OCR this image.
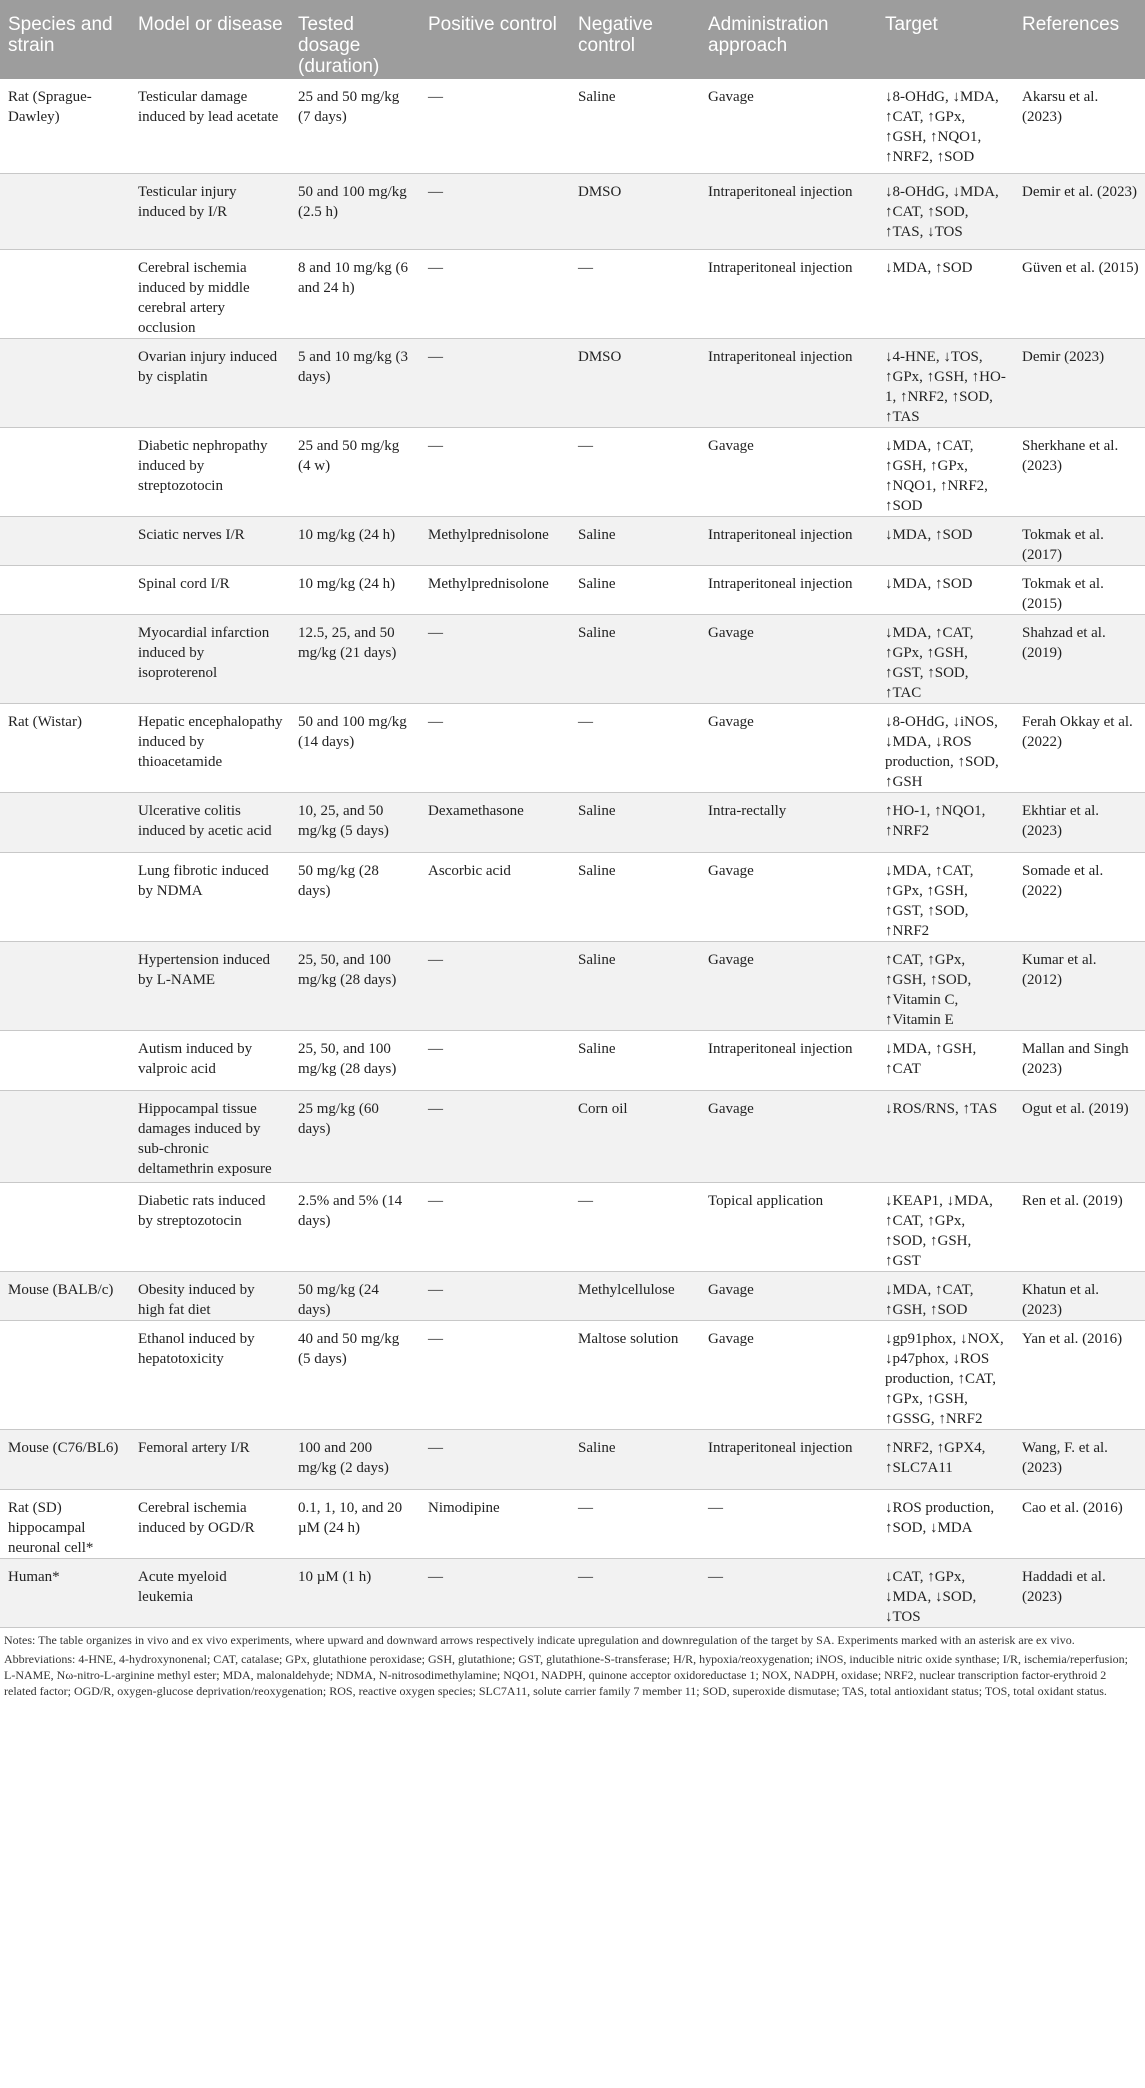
Species and strain	Model or disease	Tested dosage (duration)	Positive control	Negative control	Administration approach	Target	References
Rat (Sprague-Dawley)	Testicular damage induced by lead acetate	25 and 50 mg/kg (7 days)	—	Saline	Gavage	↓8-OHdG, ↓MDA, ↑CAT, ↑GPx, ↑GSH, ↑NQO1, ↑NRF2, ↑SOD	Akarsu et al. (2023)
	Testicular injury induced by I/R	50 and 100 mg/kg (2.5 h)	—	DMSO	Intraperitoneal injection	↓8-OHdG, ↓MDA, ↑CAT, ↑SOD, ↑TAS, ↓TOS	Demir et al. (2023)
	Cerebral ischemia induced by middle cerebral artery occlusion	8 and 10 mg/kg (6 and 24 h)	—	—	Intraperitoneal injection	↓MDA, ↑SOD	Güven et al. (2015)
	Ovarian injury induced by cisplatin	5 and 10 mg/kg (3 days)	—	DMSO	Intraperitoneal injection	↓4-HNE, ↓TOS, ↑GPx, ↑GSH, ↑HO-1, ↑NRF2, ↑SOD, ↑TAS	Demir (2023)
	Diabetic nephropathy induced by streptozotocin	25 and 50 mg/kg (4 w)	—	—	Gavage	↓MDA, ↑CAT, ↑GSH, ↑GPx, ↑NQO1, ↑NRF2, ↑SOD	Sherkhane et al. (2023)
	Sciatic nerves I/R	10 mg/kg (24 h)	Methylprednisolone	Saline	Intraperitoneal injection	↓MDA, ↑SOD	Tokmak et al. (2017)
	Spinal cord I/R	10 mg/kg (24 h)	Methylprednisolone	Saline	Intraperitoneal injection	↓MDA, ↑SOD	Tokmak et al. (2015)
	Myocardial infarction induced by isoproterenol	12.5, 25, and 50 mg/kg (21 days)	—	Saline	Gavage	↓MDA, ↑CAT, ↑GPx, ↑GSH, ↑GST, ↑SOD, ↑TAC	Shahzad et al. (2019)
Rat (Wistar)	Hepatic encephalopathy induced by thioacetamide	50 and 100 mg/kg (14 days)	—	—	Gavage	↓8-OHdG, ↓iNOS, ↓MDA, ↓ROS production, ↑SOD, ↑GSH	Ferah Okkay et al. (2022)
	Ulcerative colitis induced by acetic acid	10, 25, and 50 mg/kg (5 days)	Dexamethasone	Saline	Intra-rectally	↑HO-1, ↑NQO1, ↑NRF2	Ekhtiar et al. (2023)
	Lung fibrotic induced by NDMA	50 mg/kg (28 days)	Ascorbic acid	Saline	Gavage	↓MDA, ↑CAT, ↑GPx, ↑GSH, ↑GST, ↑SOD, ↑NRF2	Somade et al. (2022)
	Hypertension induced by L-NAME	25, 50, and 100 mg/kg (28 days)	—	Saline	Gavage	↑CAT, ↑GPx, ↑GSH, ↑SOD, ↑Vitamin C, ↑Vitamin E	Kumar et al. (2012)
	Autism induced by valproic acid	25, 50, and 100 mg/kg (28 days)	—	Saline	Intraperitoneal injection	↓MDA, ↑GSH, ↑CAT	Mallan and Singh (2023)
	Hippocampal tissue damages induced by sub-chronic deltamethrin exposure	25 mg/kg (60 days)	—	Corn oil	Gavage	↓ROS/RNS, ↑TAS	Ogut et al. (2019)
	Diabetic rats induced by streptozotocin	2.5% and 5% (14 days)	—	—	Topical application	↓KEAP1, ↓MDA, ↑CAT, ↑GPx, ↑SOD, ↑GSH, ↑GST	Ren et al. (2019)
Mouse (BALB/c)	Obesity induced by high fat diet	50 mg/kg (24 days)	—	Methylcellulose	Gavage	↓MDA, ↑CAT, ↑GSH, ↑SOD	Khatun et al. (2023)
	Ethanol induced by hepatotoxicity	40 and 50 mg/kg (5 days)	—	Maltose solution	Gavage	↓gp91phox, ↓NOX, ↓p47phox, ↓ROS production, ↑CAT, ↑GPx, ↑GSH, ↑GSSG, ↑NRF2	Yan et al. (2016)
Mouse (C76/BL6)	Femoral artery I/R	100 and 200 mg/kg (2 days)	—	Saline	Intraperitoneal injection	↑NRF2, ↑GPX4, ↑SLC7A11	Wang, F. et al. (2023)
Rat (SD) hippocampal neuronal cell*	Cerebral ischemia induced by OGD/R	0.1, 1, 10, and 20 µM (24 h)	Nimodipine	—	—	↓ROS production, ↑SOD, ↓MDA	Cao et al. (2016)
Human*	Acute myeloid leukemia	10 µM (1 h)	—	—	—	↓CAT, ↑GPx, ↓MDA, ↓SOD, ↓TOS	Haddadi et al. (2023)

Notes: The table organizes in vivo and ex vivo experiments, where upward and downward arrows respectively indicate upregulation and downregulation of the target by SA. Experiments marked with an asterisk are ex vivo.

Abbreviations: 4-HNE, 4-hydroxynonenal; CAT, catalase; GPx, glutathione peroxidase; GSH, glutathione; GST, glutathione-S-transferase; H/R, hypoxia/reoxygenation; iNOS, inducible nitric oxide synthase; I/R, ischemia/reperfusion; L-NAME, Nω-nitro-L-arginine methyl ester; MDA, malonaldehyde; NDMA, N-nitrosodimethylamine; NQO1, NADPH, quinone acceptor oxidoreductase 1; NOX, NADPH, oxidase; NRF2, nuclear transcription factor-erythroid 2 related factor; OGD/R, oxygen-glucose deprivation/reoxygenation; ROS, reactive oxygen species; SLC7A11, solute carrier family 7 member 11; SOD, superoxide dismutase; TAS, total antioxidant status; TOS, total oxidant status.
